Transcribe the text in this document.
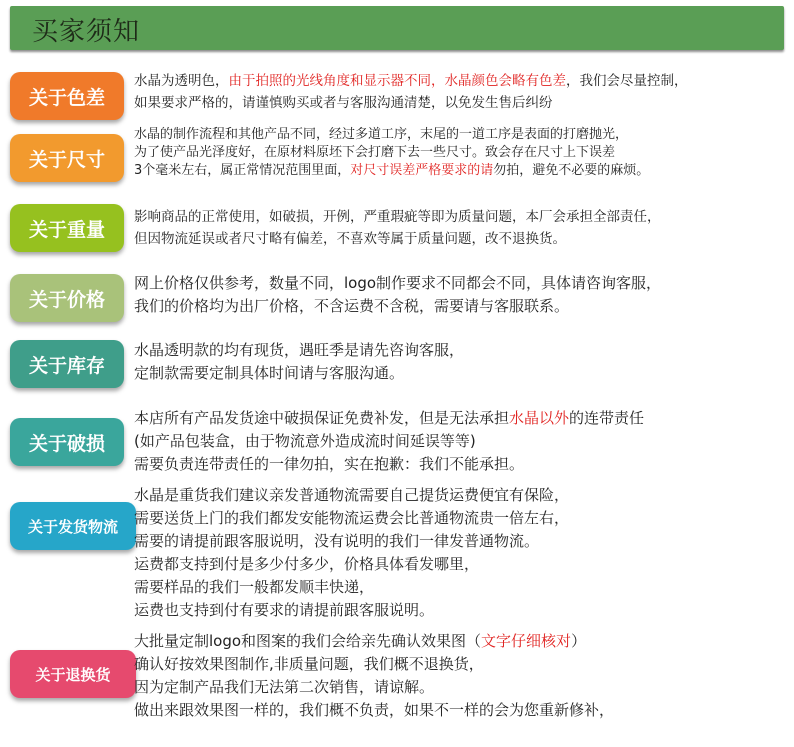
买家须知
关于色差
水晶为透明色，由于拍照的光线角度和显示器不同，水晶颜色会略有色差，我们会尽量控制，
如果要求严格的，请谨慎购买或者与客服沟通清楚，以免发生售后纠纷
关于尺寸
水晶的制作流程和其他产品不同，经过多道工序，末尾的一道工序是表面的打磨抛光，
为了使产品光泽度好，在原材料原坯下会打磨下去一些尺寸。致会存在尺寸上下误差
3个毫米左右，属正常情况范围里面，对尺寸误差严格要求的请勿拍，避免不必要的麻烦。
关于重量
影响商品的正常使用，如破损，开例，严重瑕疵等即为质量问题，本厂会承担全部责任，
但因物流延误或者尺寸略有偏差，不喜欢等属于质量问题，改不退换货。
关于价格
网上价格仅供参考，数量不同，logo制作要求不同都会不同，具体请咨询客服，
我们的价格均为出厂价格，不含运费不含税，需要请与客服联系。
关于库存
水晶透明款的均有现货，遇旺季是请先咨询客服，
定制款需要定制具体时间请与客服沟通。
关于破损
本店所有产品发货途中破损保证免费补发，但是无法承担水晶以外的连带责任
(如产品包装盒，由于物流意外造成流时间延误等等)
需要负责连带责任的一律勿拍，实在抱歉：我们不能承担。
关于发货物流
水晶是重货我们建议亲发普通物流需要自己提货运费便宜有保险，
需要送货上门的我们都发安能物流运费会比普通物流贵一倍左右，
需要的请提前跟客服说明，没有说明的我们一律发普通物流。
运费都支持到付是多少付多少，价格具体看发哪里，
需要样品的我们一般都发顺丰快递，
运费也支持到付有要求的请提前跟客服说明。
关于退换货
大批量定制logo和图案的我们会给亲先确认效果图（文字仔细核对）
确认好按效果图制作,非质量问题，我们概不退换货，
因为定制产品我们无法第二次销售，请谅解。
做出来跟效果图一样的，我们概不负责，如果不一样的会为您重新修补，
